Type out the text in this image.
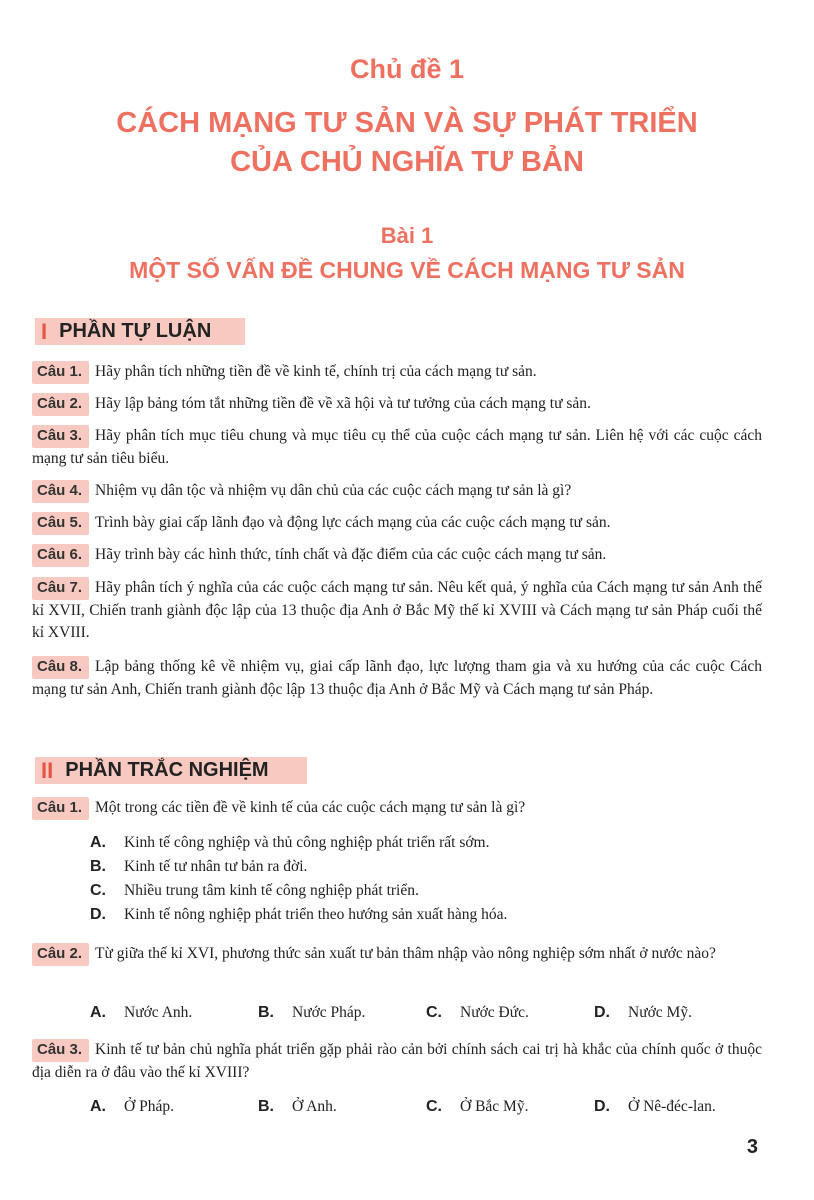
Chủ đề 1
CÁCH MẠNG TƯ SẢN VÀ SỰ PHÁT TRIỂN
CỦA CHỦ NGHĨA TƯ BẢN
Bài 1
MỘT SỐ VẤN ĐỀ CHUNG VỀ CÁCH MẠNG TƯ SẢN
I PHẦN TỰ LUẬN
Câu 1. Hãy phân tích những tiền đề về kinh tế, chính trị của cách mạng tư sản.
Câu 2. Hãy lập bảng tóm tắt những tiền đề về xã hội và tư tưởng của cách mạng tư sản.
Câu 3. Hãy phân tích mục tiêu chung và mục tiêu cụ thể của cuộc cách mạng tư sản. Liên hệ với các cuộc cách mạng tư sản tiêu biểu.
Câu 4. Nhiệm vụ dân tộc và nhiệm vụ dân chủ của các cuộc cách mạng tư sản là gì?
Câu 5. Trình bày giai cấp lãnh đạo và động lực cách mạng của các cuộc cách mạng tư sản.
Câu 6. Hãy trình bày các hình thức, tính chất và đặc điểm của các cuộc cách mạng tư sản.
Câu 7. Hãy phân tích ý nghĩa của các cuộc cách mạng tư sản. Nêu kết quả, ý nghĩa của Cách mạng tư sản Anh thế kỉ XVII, Chiến tranh giành độc lập của 13 thuộc địa Anh ở Bắc Mỹ thế kỉ XVIII và Cách mạng tư sản Pháp cuối thế kỉ XVIII.
Câu 8. Lập bảng thống kê về nhiệm vụ, giai cấp lãnh đạo, lực lượng tham gia và xu hướng của các cuộc Cách mạng tư sản Anh, Chiến tranh giành độc lập 13 thuộc địa Anh ở Bắc Mỹ và Cách mạng tư sản Pháp.
II PHẦN TRẮC NGHIỆM
Câu 1. Một trong các tiền đề về kinh tế của các cuộc cách mạng tư sản là gì?
A.	Kinh tế công nghiệp và thủ công nghiệp phát triển rất sớm.
B.	Kinh tế tư nhân tư bản ra đời.
C.	Nhiều trung tâm kinh tế công nghiệp phát triển.
D.	Kinh tế nông nghiệp phát triển theo hướng sản xuất hàng hóa.
Câu 2. Từ giữa thế kỉ XVI, phương thức sản xuất tư bản thâm nhập vào nông nghiệp sớm nhất ở nước nào?
A.	Nước Anh.	B.	Nước Pháp.	C.	Nước Đức.	D.	Nước Mỹ.
Câu 3. Kinh tế tư bản chủ nghĩa phát triển gặp phải rào cản bởi chính sách cai trị hà khắc của chính quốc ở thuộc địa diễn ra ở đâu vào thế kỉ XVIII?
A.	Ở Pháp.	B.	Ở Anh.	C.	Ở Bắc Mỹ.	D.	Ở Nê-đéc-lan.
3
